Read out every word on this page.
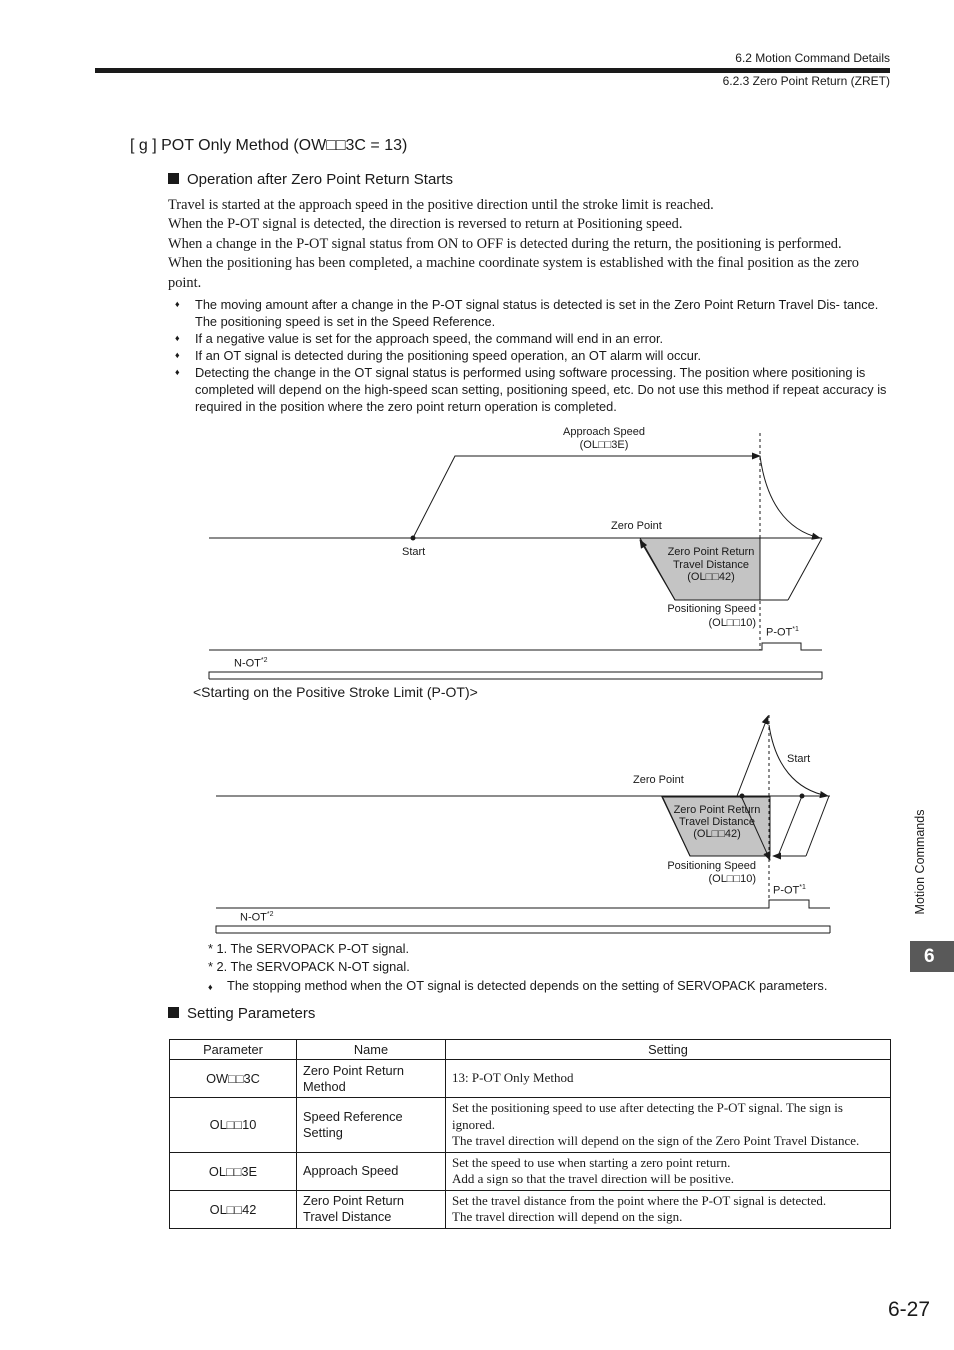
6.2 Motion Command Details
6.2.3 Zero Point Return (ZRET)
[ g ] POT Only Method (OW□□3C = 13)
Operation after Zero Point Return Starts

Travel is started at the approach speed in the positive direction until the stroke limit is reached.

When the P-OT signal is detected, the direction is reversed to return at Positioning speed.

When a change in the P-OT signal status from ON to OFF is detected during the return, the positioning is performed.

When the positioning has been completed, a machine coordinate system is established with the final position as the zero point.

♦ The moving amount after a change in the P-OT signal status is detected is set in the Zero Point Return Travel Dis- tance. The positioning speed is set in the Speed Reference.
♦ If a negative value is set for the approach speed, the command will end in an error.
♦ If an OT signal is detected during the positioning speed operation, an OT alarm will occur.
♦ Detecting the change in the OT signal status is performed using software processing. The position where positioning is completed will depend on the high-speed scan setting, positioning speed, etc. Do not use this method if repeat accuracy is required in the position where the zero point return operation is completed.
Approach Speed
(OL□□3E)
Zero Point
Start	Zero Point Return
Travel Distance
(OL□□42)
Positioning Speed
(OL□□10)
P-OT$^{*1}$
$N-OT^{*2}$
<Starting on the Positive Stroke Limit (P-OT)>
Start
Zero Point
Zero Point Return
Travel Distance
(OL□□42)
Positioning Speed
(OL□□10)
P-OT$^{*1}$
N-OT$^{*2}$
* 1. The SERVOPACK P-OT signal.
* 2. The SERVOPACK N-OT signal.
♦ The stopping method when the OT signal is detected depends on the setting of SERVOPACK parameters.
Setting Parameters
Parameter	Name	Setting
OW□□3C	Zero Point Return Method	13: P-OT Only Method

OL□□10	Speed Reference Setting	Set the positioning speed to use after detecting the P-OT signal. The sign is ignored.
The travel direction will depend on the sign of the Zero Point Travel Distance.

OL□□3E	Approach Speed	Set the speed to use when starting a zero point return.
Add a sign so that the travel direction will be positive.

OL□□42	Zero Point Return Travel Distance	Set the travel distance from the point where the P-OT signal is detected.
The travel direction will depend on the sign.
Motion Commands
6
6-27
